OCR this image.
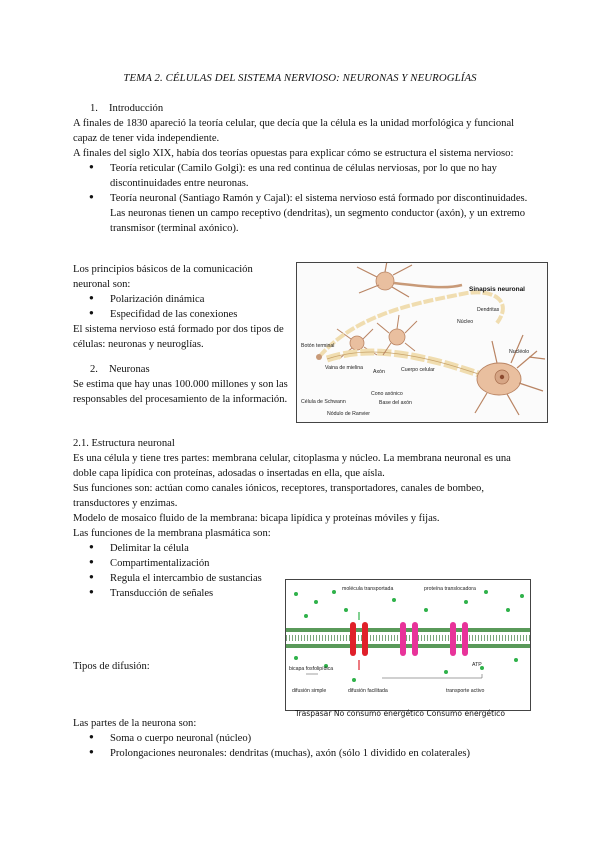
TEMA 2. CÉLULAS DEL SISTEMA NERVIOSO: NEURONAS Y NEUROGLÍAS

1. Introducción

A finales de 1830 apareció la teoría celular, que decía que la célula es la unidad morfológica y funcional capaz de tener vida independiente.

A finales del siglo XIX, había dos teorías opuestas para explicar cómo se estructura el sistema nervioso:

● Teoría reticular (Camilo Golgi): es una red continua de células nerviosas, por lo que no hay discontinuidades entre neuronas.
● Teoría neuronal (Santiago Ramón y Cajal): el sistema nervioso está formado por discontinuidades. Las neuronas tienen un campo receptivo (dendritas), un segmento conductor (axón), y un extremo transmisor (terminal axónico).

Los principios básicos de la comunicación neuronal son:

● Polarización dinámica
● Especifidad de las conexiones

El sistema nervioso está formado por dos tipos de células: neuronas y neuroglías.

2. Neuronas

Se estima que hay unas 100.000 millones y son las responsables del procesamiento de la información.

Sinapsis neuronal
Dendritas
Núcleo
Botón terminal
Vaina de mielina
Axón	Cuerpo celular
Nucléolo
Célula de Schwann
Cono axónico
Base del axón
Nódulo de Ranvier

2.1. Estructura neuronal

Es una célula y tiene tres partes: membrana celular, citoplasma y núcleo. La membrana neuronal es una doble capa lipídica con proteínas, adosadas o insertadas en ella, que aísla.

Sus funciones son: actúan como canales iónicos, receptores, transportadores, canales de bombeo, transductores y enzimas.

Modelo de mosaico fluido de la membrana: bicapa lipídica y proteínas móviles y fijas.

Las funciones de la membrana plasmática son:

● Delimitar la célula
● Compartimentalización
● Regula el intercambio de sustancias
● Transducción de señales

Tipos de difusión:

molécula transportada	proteína translocadora
bicapa fosfolipídica
ATP
difusión simple	difusión facilitada	transporte activo
Traspasar No consumo energético Consumo energético

Las partes de la neurona son:

● Soma o cuerpo neuronal (núcleo)
● Prolongaciones neuronales: dendritas (muchas), axón (sólo 1 dividido en colaterales)
